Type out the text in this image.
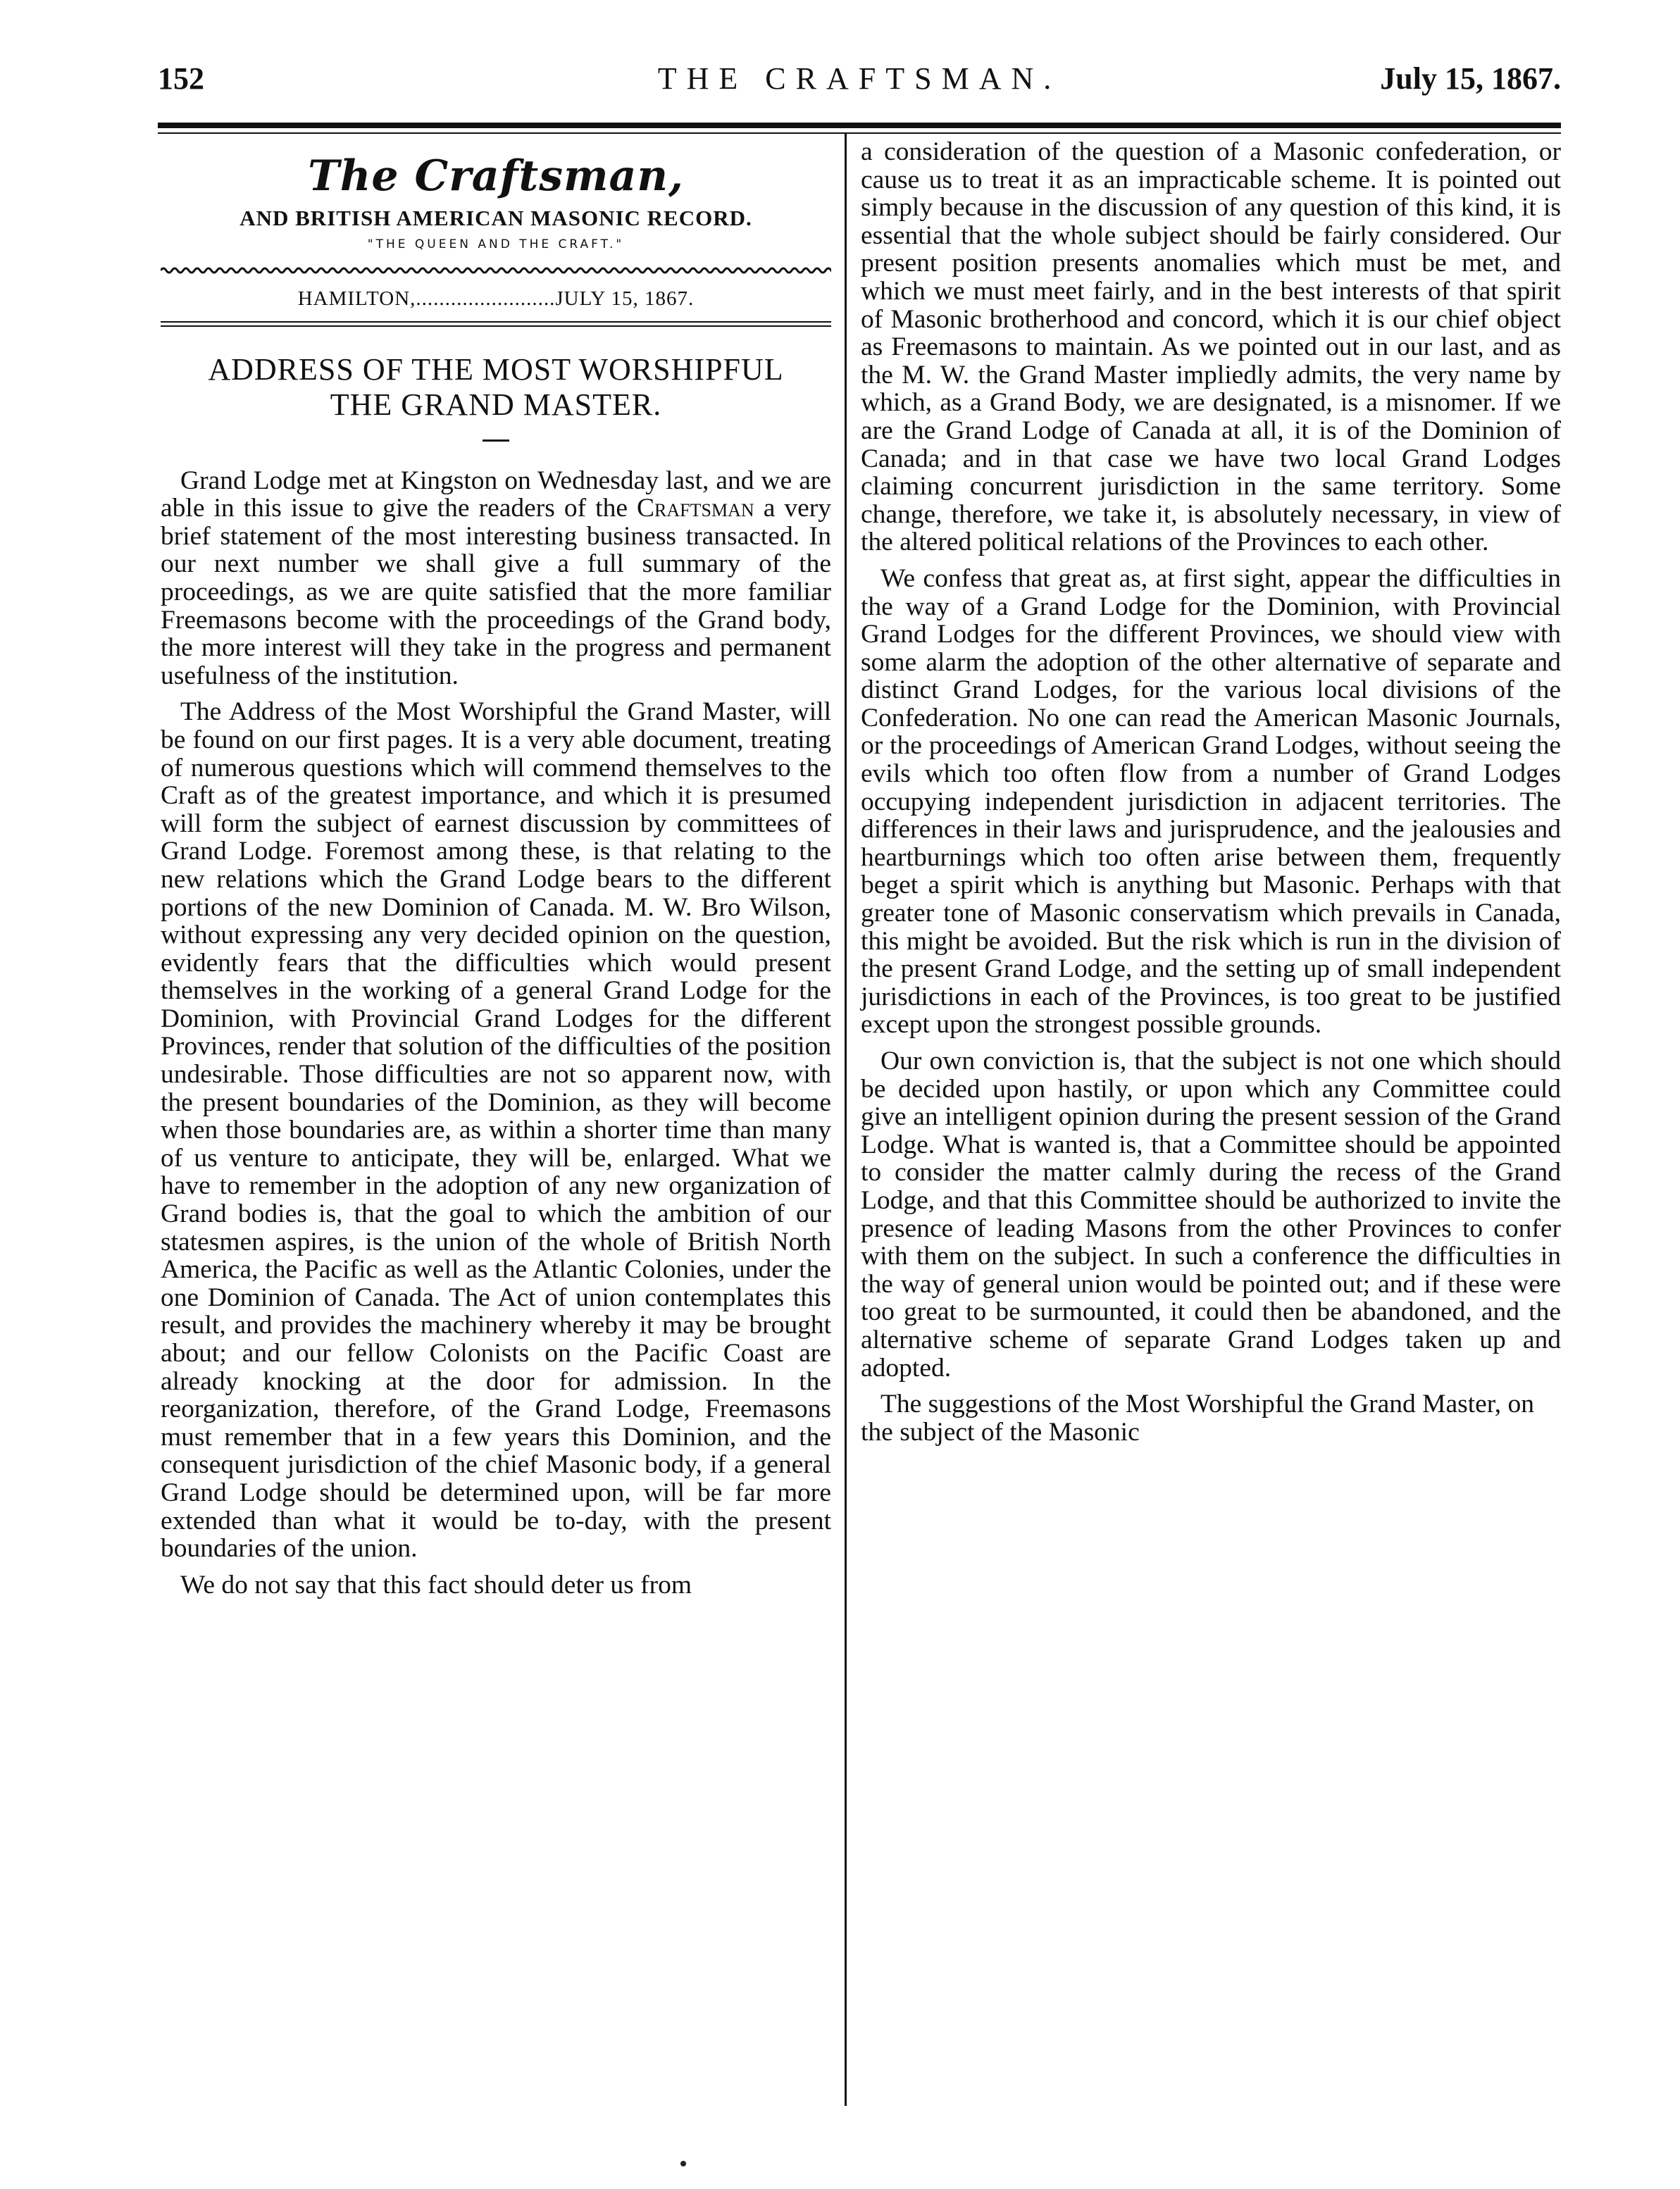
152	THE CRAFTSMAN.	July 15, 1867.
The Craftsman,
AND BRITISH AMERICAN MASONIC RECORD.
"THE QUEEN AND THE CRAFT."
HAMILTON,........................JULY 15, 1867.
ADDRESS OF THE MOST WORSHIPFUL
THE GRAND MASTER.

Grand Lodge met at Kingston on Wednesday last, and we are able in this issue to give the readers of the Craftsman a very brief statement of the most interesting business transacted. In our next number we shall give a full summary of the proceedings, as we are quite satisfied that the more familiar Freemasons become with the proceedings of the Grand body, the more interest will they take in the progress and permanent usefulness of the institution.

The Address of the Most Worshipful the Grand Master, will be found on our first pages. It is a very able document, treating of numerous questions which will commend themselves to the Craft as of the greatest importance, and which it is presumed will form the subject of earnest discussion by committees of Grand Lodge. Foremost among these, is that relating to the new relations which the Grand Lodge bears to the different portions of the new Dominion of Canada. M. W. Bro Wilson, without expressing any very decided opinion on the question, evidently fears that the difficulties which would present themselves in the working of a general Grand Lodge for the Dominion, with Provincial Grand Lodges for the different Provinces, render that solution of the difficulties of the position undesirable. Those difficulties are not so apparent now, with the present boundaries of the Dominion, as they will become when those boundaries are, as within a shorter time than many of us venture to anticipate, they will be, enlarged. What we have to remember in the adoption of any new organization of Grand bodies is, that the goal to which the ambition of our statesmen aspires, is the union of the whole of British North America, the Pacific as well as the Atlantic Colonies, under the one Dominion of Canada. The Act of union contemplates this result, and provides the machinery whereby it may be brought about; and our fellow Colonists on the Pacific Coast are already knocking at the door for admission. In the reorganization, therefore, of the Grand Lodge, Freemasons must remember that in a few years this Dominion, and the consequent jurisdiction of the chief Masonic body, if a general Grand Lodge should be determined upon, will be far more extended than what it would be to-day, with the present boundaries of the union.

We do not say that this fact should deter us from

a consideration of the question of a Masonic confederation, or cause us to treat it as an impracticable scheme. It is pointed out simply because in the discussion of any question of this kind, it is essential that the whole subject should be fairly considered. Our present position presents anomalies which must be met, and which we must meet fairly, and in the best interests of that spirit of Masonic brotherhood and concord, which it is our chief object as Freemasons to maintain. As we pointed out in our last, and as the M. W. the Grand Master impliedly admits, the very name by which, as a Grand Body, we are designated, is a misnomer. If we are the Grand Lodge of Canada at all, it is of the Dominion of Canada; and in that case we have two local Grand Lodges claiming concurrent jurisdiction in the same territory. Some change, therefore, we take it, is absolutely necessary, in view of the altered political relations of the Provinces to each other.

We confess that great as, at first sight, appear the difficulties in the way of a Grand Lodge for the Dominion, with Provincial Grand Lodges for the different Provinces, we should view with some alarm the adoption of the other alternative of separate and distinct Grand Lodges, for the various local divisions of the Confederation. No one can read the American Masonic Journals, or the proceedings of American Grand Lodges, without seeing the evils which too often flow from a number of Grand Lodges occupying independent jurisdiction in adjacent territories. The differences in their laws and jurisprudence, and the jealousies and heartburnings which too often arise between them, frequently beget a spirit which is anything but Masonic. Perhaps with that greater tone of Masonic conservatism which prevails in Canada, this might be avoided. But the risk which is run in the division of the present Grand Lodge, and the setting up of small independent jurisdictions in each of the Provinces, is too great to be justified except upon the strongest possible grounds.

Our own conviction is, that the subject is not one which should be decided upon hastily, or upon which any Committee could give an intelligent opinion during the present session of the Grand Lodge. What is wanted is, that a Committee should be appointed to consider the matter calmly during the recess of the Grand Lodge, and that this Committee should be authorized to invite the presence of leading Masons from the other Provinces to confer with them on the subject. In such a conference the difficulties in the way of general union would be pointed out; and if these were too great to be surmounted, it could then be abandoned, and the alternative scheme of separate Grand Lodges taken up and adopted.

The suggestions of the Most Worshipful the Grand Master, on the subject of the Masonic
